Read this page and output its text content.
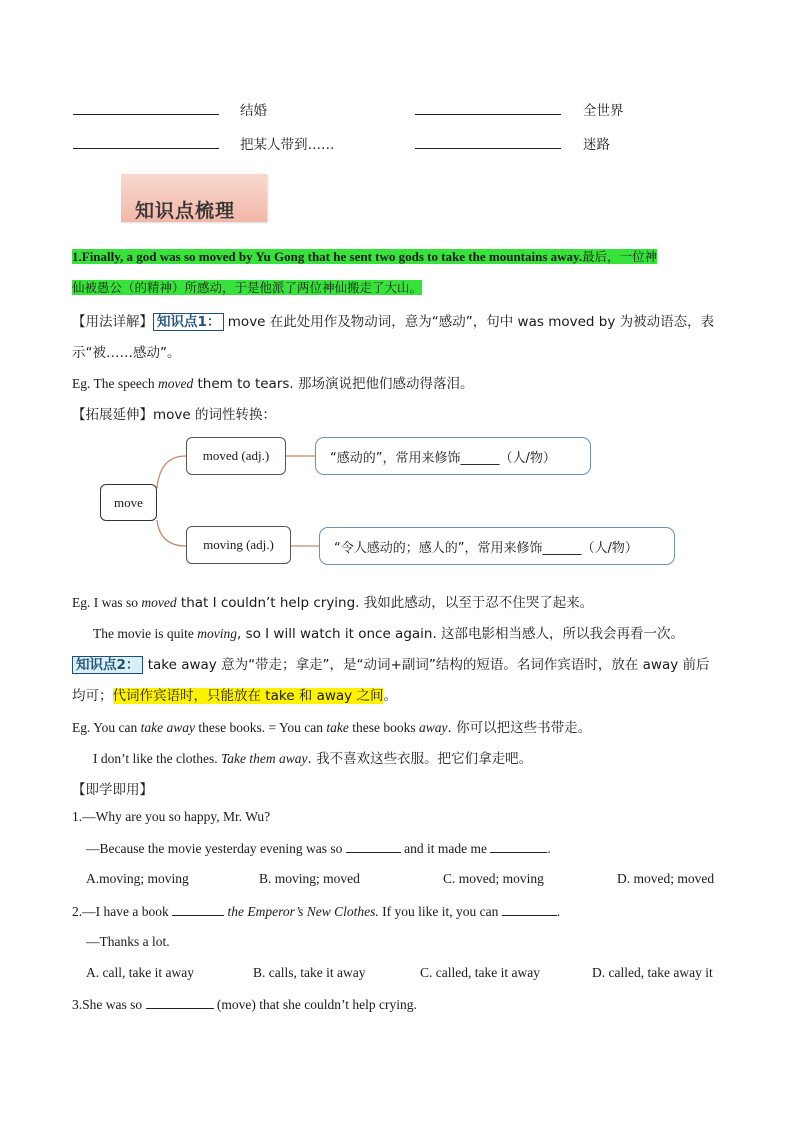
结婚	全世界
把某人带到……	迷路
知识点梳理
1.Finally, a god was so moved by Yu Gong that he sent two gods to take the mountains away.最后，一位神
仙被愚公（的精神）所感动，于是他派了两位神仙搬走了大山。
【用法详解】 知识点1： move 在此处用作及物动词，意为“感动”，句中 was moved by 为被动语态，表
示“被……感动”。
Eg. The speech moved them to tears. 那场演说把他们感动得落泪。
【拓展延伸】move 的词性转换：
move
moved (adj.)	“感动的”，常用来修饰______（人/物）
moving (adj.)	“令人感动的；感人的”，常用来修饰______（人/物）
Eg. I was so moved that I couldn’t help crying. 我如此感动，以至于忍不住哭了起来。
The movie is quite moving, so I will watch it once again. 这部电影相当感人，所以我会再看一次。
知识点2： take away 意为“带走；拿走”，是“动词+副词”结构的短语。名词作宾语时，放在 away 前后
均可；代词作宾语时，只能放在 take 和 away 之间。
Eg. You can take away these books. = You can take these books away. 你可以把这些书带走。
I don’t like the clothes. Take them away. 我不喜欢这些衣服。把它们拿走吧。
【即学即用】
1.—Why are you so happy, Mr. Wu?
—Because the movie yesterday evening was so	and it made me	.
A.moving; moving	B. moving; moved	C. moved; moving	D. moved; moved
2.—I have a book	the Emperor’s New Clothes. If you like it, you can	.
—Thanks a lot.
A. call, take it away	B. calls, take it away	C. called, take it away	D. called, take away it
3.She was so	(move) that she couldn’t help crying.
